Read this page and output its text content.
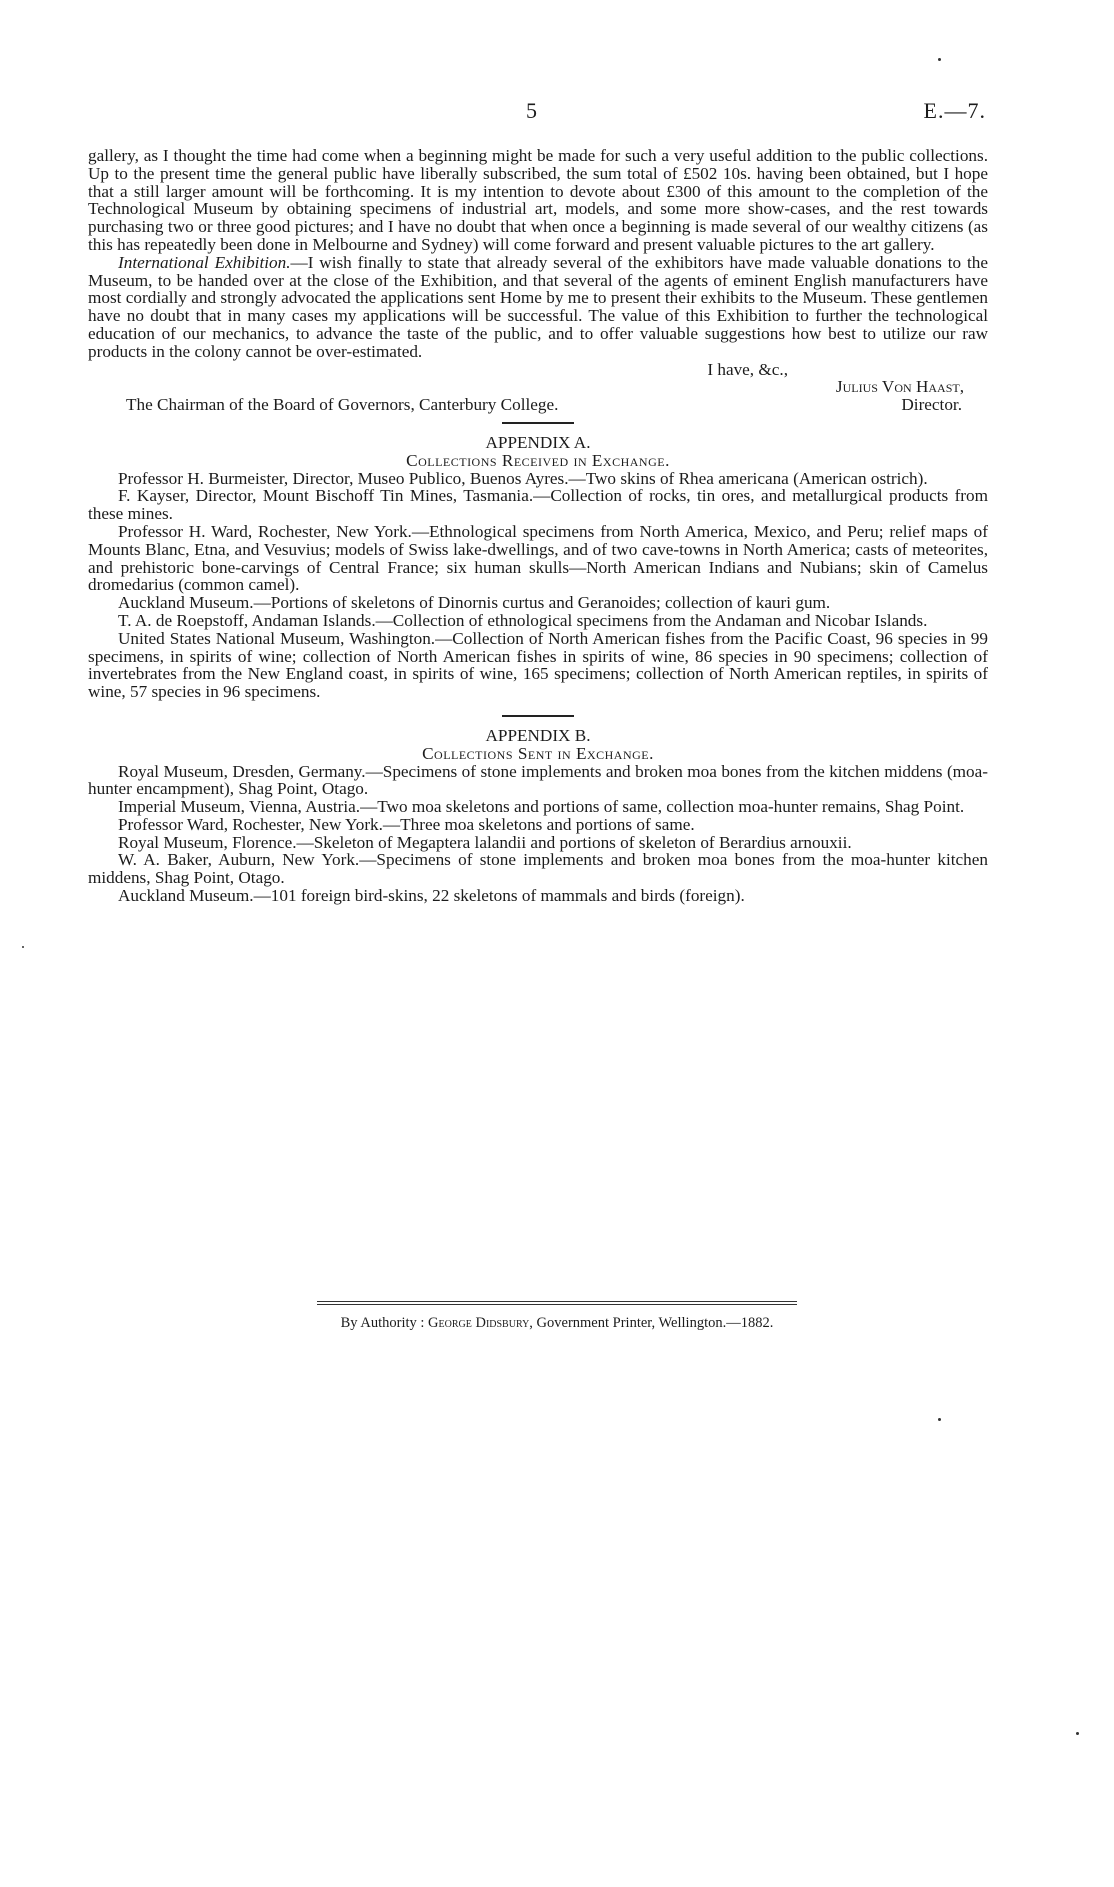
5	E.—7.

gallery, as I thought the time had come when a beginning might be made for such a very useful addition to the public collections. Up to the present time the general public have liberally subscribed, the sum total of £502 10s. having been obtained, but I hope that a still larger amount will be forthcoming. It is my intention to devote about £300 of this amount to the completion of the Technological Museum by obtaining specimens of industrial art, models, and some more show-cases, and the rest towards purchasing two or three good pictures; and I have no doubt that when once a beginning is made several of our wealthy citizens (as this has repeatedly been done in Melbourne and Sydney) will come forward and present valuable pictures to the art gallery.

International Exhibition.—I wish finally to state that already several of the exhibitors have made valuable donations to the Museum, to be handed over at the close of the Exhibition, and that several of the agents of eminent English manufacturers have most cordially and strongly advocated the applications sent Home by me to present their exhibits to the Museum. These gentlemen have no doubt that in many cases my applications will be successful. The value of this Exhibition to further the technological education of our mechanics, to advance the taste of the public, and to offer valuable suggestions how best to utilize our raw products in the colony cannot be over-estimated.

I have, &c.,

Julius Von Haast,

The Chairman of the Board of Governors, Canterbury College.	Director.

APPENDIX A.

Collections Received in Exchange.

Professor H. Burmeister, Director, Museo Publico, Buenos Ayres.—Two skins of Rhea americana (American ostrich).

F. Kayser, Director, Mount Bischoff Tin Mines, Tasmania.—Collection of rocks, tin ores, and metallurgical products from these mines.

Professor H. Ward, Rochester, New York.—Ethnological specimens from North America, Mexico, and Peru; relief maps of Mounts Blanc, Etna, and Vesuvius; models of Swiss lake-dwellings, and of two cave-towns in North America; casts of meteorites, and prehistoric bone-carvings of Central France; six human skulls—North American Indians and Nubians; skin of Camelus dromedarius (common camel).

Auckland Museum.—Portions of skeletons of Dinornis curtus and Geranoides; collection of kauri gum.

T. A. de Roepstoff, Andaman Islands.—Collection of ethnological specimens from the Andaman and Nicobar Islands.

United States National Museum, Washington.—Collection of North American fishes from the Pacific Coast, 96 species in 99 specimens, in spirits of wine; collection of North American fishes in spirits of wine, 86 species in 90 specimens; collection of invertebrates from the New England coast, in spirits of wine, 165 specimens; collection of North American reptiles, in spirits of wine, 57 species in 96 specimens.

APPENDIX B.

Collections Sent in Exchange.

Royal Museum, Dresden, Germany.—Specimens of stone implements and broken moa bones from the kitchen middens (moa-hunter encampment), Shag Point, Otago.

Imperial Museum, Vienna, Austria.—Two moa skeletons and portions of same, collection moa-hunter remains, Shag Point.

Professor Ward, Rochester, New York.—Three moa skeletons and portions of same.

Royal Museum, Florence.—Skeleton of Megaptera lalandii and portions of skeleton of Berardius arnouxii.

W. A. Baker, Auburn, New York.—Specimens of stone implements and broken moa bones from the moa-hunter kitchen middens, Shag Point, Otago.

Auckland Museum.—101 foreign bird-skins, 22 skeletons of mammals and birds (foreign).

By Authority : George Didsbury, Government Printer, Wellington.—1882.
